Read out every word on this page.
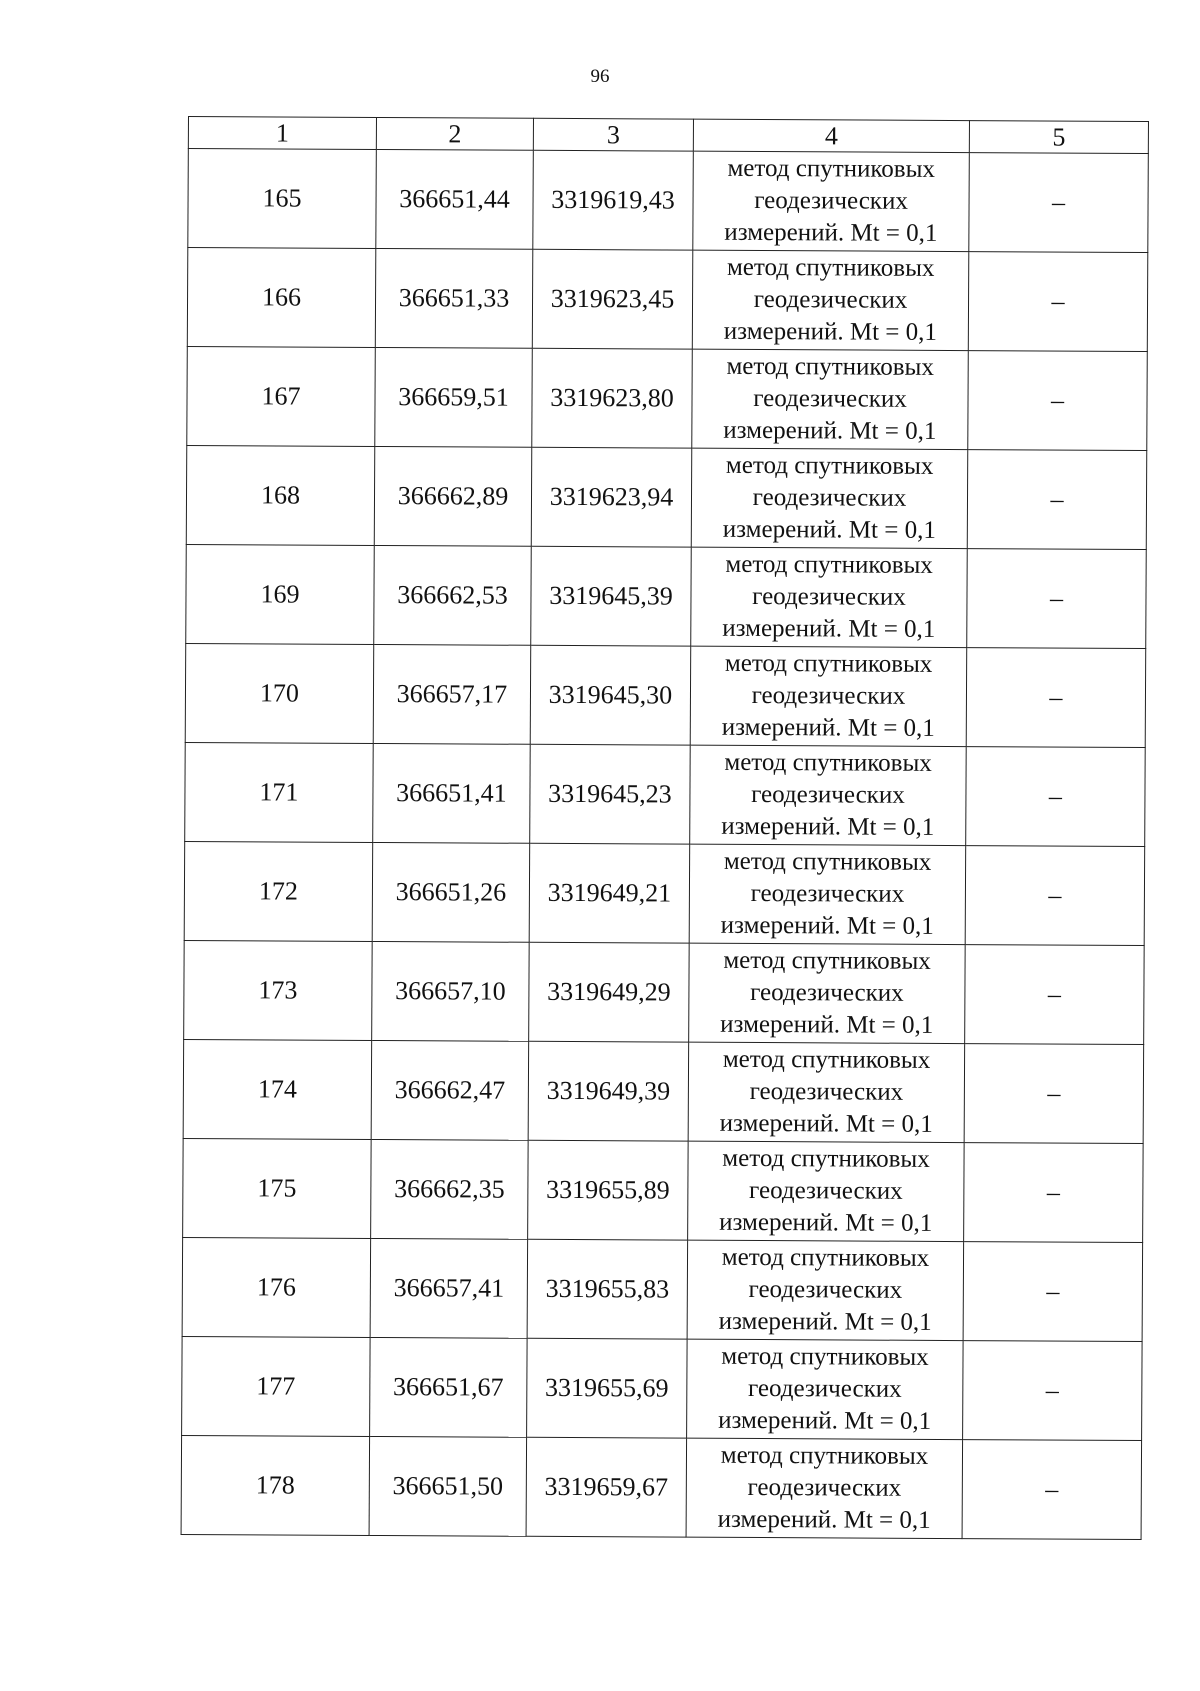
96
1	2	3	4	5
165	366651,44	3319619,43	метод спутниковых
геодезических
измерений. Mt = 0,1	–
166	366651,33	3319623,45	метод спутниковых
геодезических
измерений. Mt = 0,1	–
167	366659,51	3319623,80	метод спутниковых
геодезических
измерений. Mt = 0,1	–
168	366662,89	3319623,94	метод спутниковых
геодезических
измерений. Mt = 0,1	–
169	366662,53	3319645,39	метод спутниковых
геодезических
измерений. Mt = 0,1	–
170	366657,17	3319645,30	метод спутниковых
геодезических
измерений. Mt = 0,1	–
171	366651,41	3319645,23	метод спутниковых
геодезических
измерений. Mt = 0,1	–
172	366651,26	3319649,21	метод спутниковых
геодезических
измерений. Mt = 0,1	–
173	366657,10	3319649,29	метод спутниковых
геодезических
измерений. Mt = 0,1	–
174	366662,47	3319649,39	метод спутниковых
геодезических
измерений. Mt = 0,1	–
175	366662,35	3319655,89	метод спутниковых
геодезических
измерений. Mt = 0,1	–
176	366657,41	3319655,83	метод спутниковых
геодезических
измерений. Mt = 0,1	–
177	366651,67	3319655,69	метод спутниковых
геодезических
измерений. Mt = 0,1	–
178	366651,50	3319659,67	метод спутниковых
геодезических
измерений. Mt = 0,1	–
